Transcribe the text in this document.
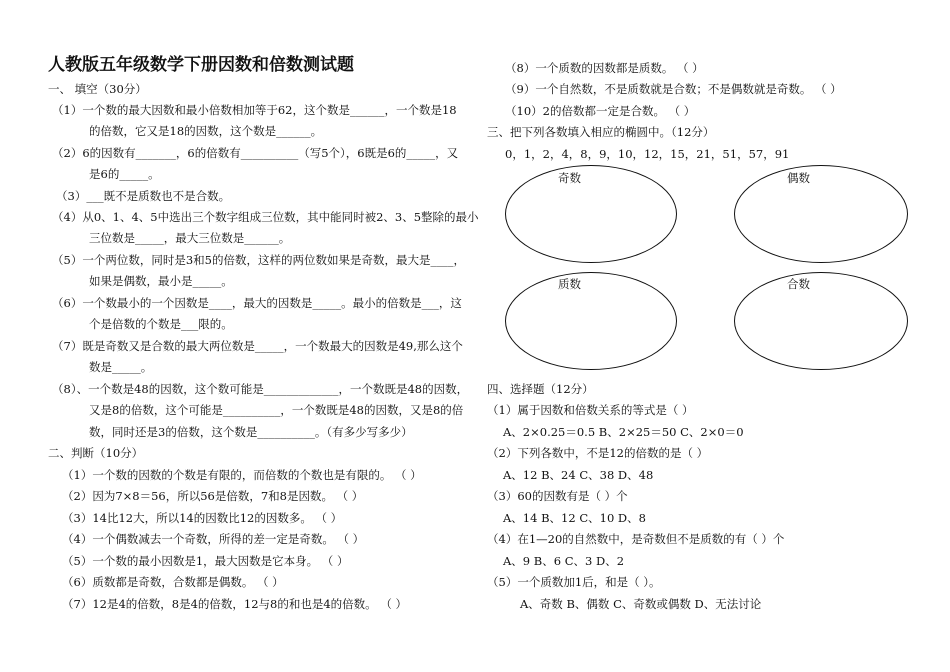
人教版五年级数学下册因数和倍数测试题
一、 填空（30分）
（1）一个数的最大因数和最小倍数相加等于62，这个数是______，一个数是18
的倍数，它又是18的因数，这个数是______。
（2）6的因数有_______，6的倍数有__________（写5个），6既是6的_____，又
是6的_____。
（3）___既不是质数也不是合数。
（4）从0、1、4、5中选出三个数字组成三位数，其中能同时被2、3、5整除的最小
三位数是_____，最大三位数是______。
（5）一个两位数，同时是3和5的倍数，这样的两位数如果是奇数，最大是____，
如果是偶数，最小是_____。
（6）一个数最小的一个因数是____，最大的因数是_____。最小的倍数是___，这
个是倍数的个数是___限的。
（7）既是奇数又是合数的最大两位数是_____，一个数最大的因数是49,那么这个
数是_____。
（8）、一个数是48的因数，这个数可能是_____________，一个数既是48的因数，
又是8的倍数，这个可能是__________，一个数既是48的因数，又是8的倍
数，同时还是3的倍数，这个数是__________。（有多少写多少）
二、判断（10分）
（1）一个数的因数的个数是有限的，而倍数的个数也是有限的。 （ ）
（2）因为7×8＝56，所以56是倍数，7和8是因数。 （ ）
（3）14比12大，所以14的因数比12的因数多。 （ ）
（4）一个偶数减去一个奇数，所得的差一定是奇数。 （ ）
（5）一个数的最小因数是1，最大因数是它本身。 （ ）
（6）质数都是奇数，合数都是偶数。 （ ）
（7）12是4的倍数，8是4的倍数，12与8的和也是4的倍数。 （ ）
（8）一个质数的因数都是质数。 （ ）
（9）一个自然数，不是质数就是合数；不是偶数就是奇数。 （ ）
（10）2的倍数都一定是合数。 （ ）
三、把下列各数填入相应的椭圆中。（12分）
0，1，2，4，8，9，10，12，15，21，51，57，91
奇数	偶数
质数	合数
四、选择题（12分）
（1）属于因数和倍数关系的等式是（ ）
A、2×0.25＝0.5 B、2×25＝50 C、2×0＝0
（2）下列各数中，不是12的倍数的是（ ）
A、12 B、24 C、38 D、48
（3）60的因数有是（ ）个
A、14 B、12 C、10 D、8
（4）在1—20的自然数中，是奇数但不是质数的有（ ）个
A、9 B、6 C、3 D、2
（5）一个质数加1后，和是（ ）。
A、奇数 B、偶数 C、奇数或偶数 D、无法讨论
